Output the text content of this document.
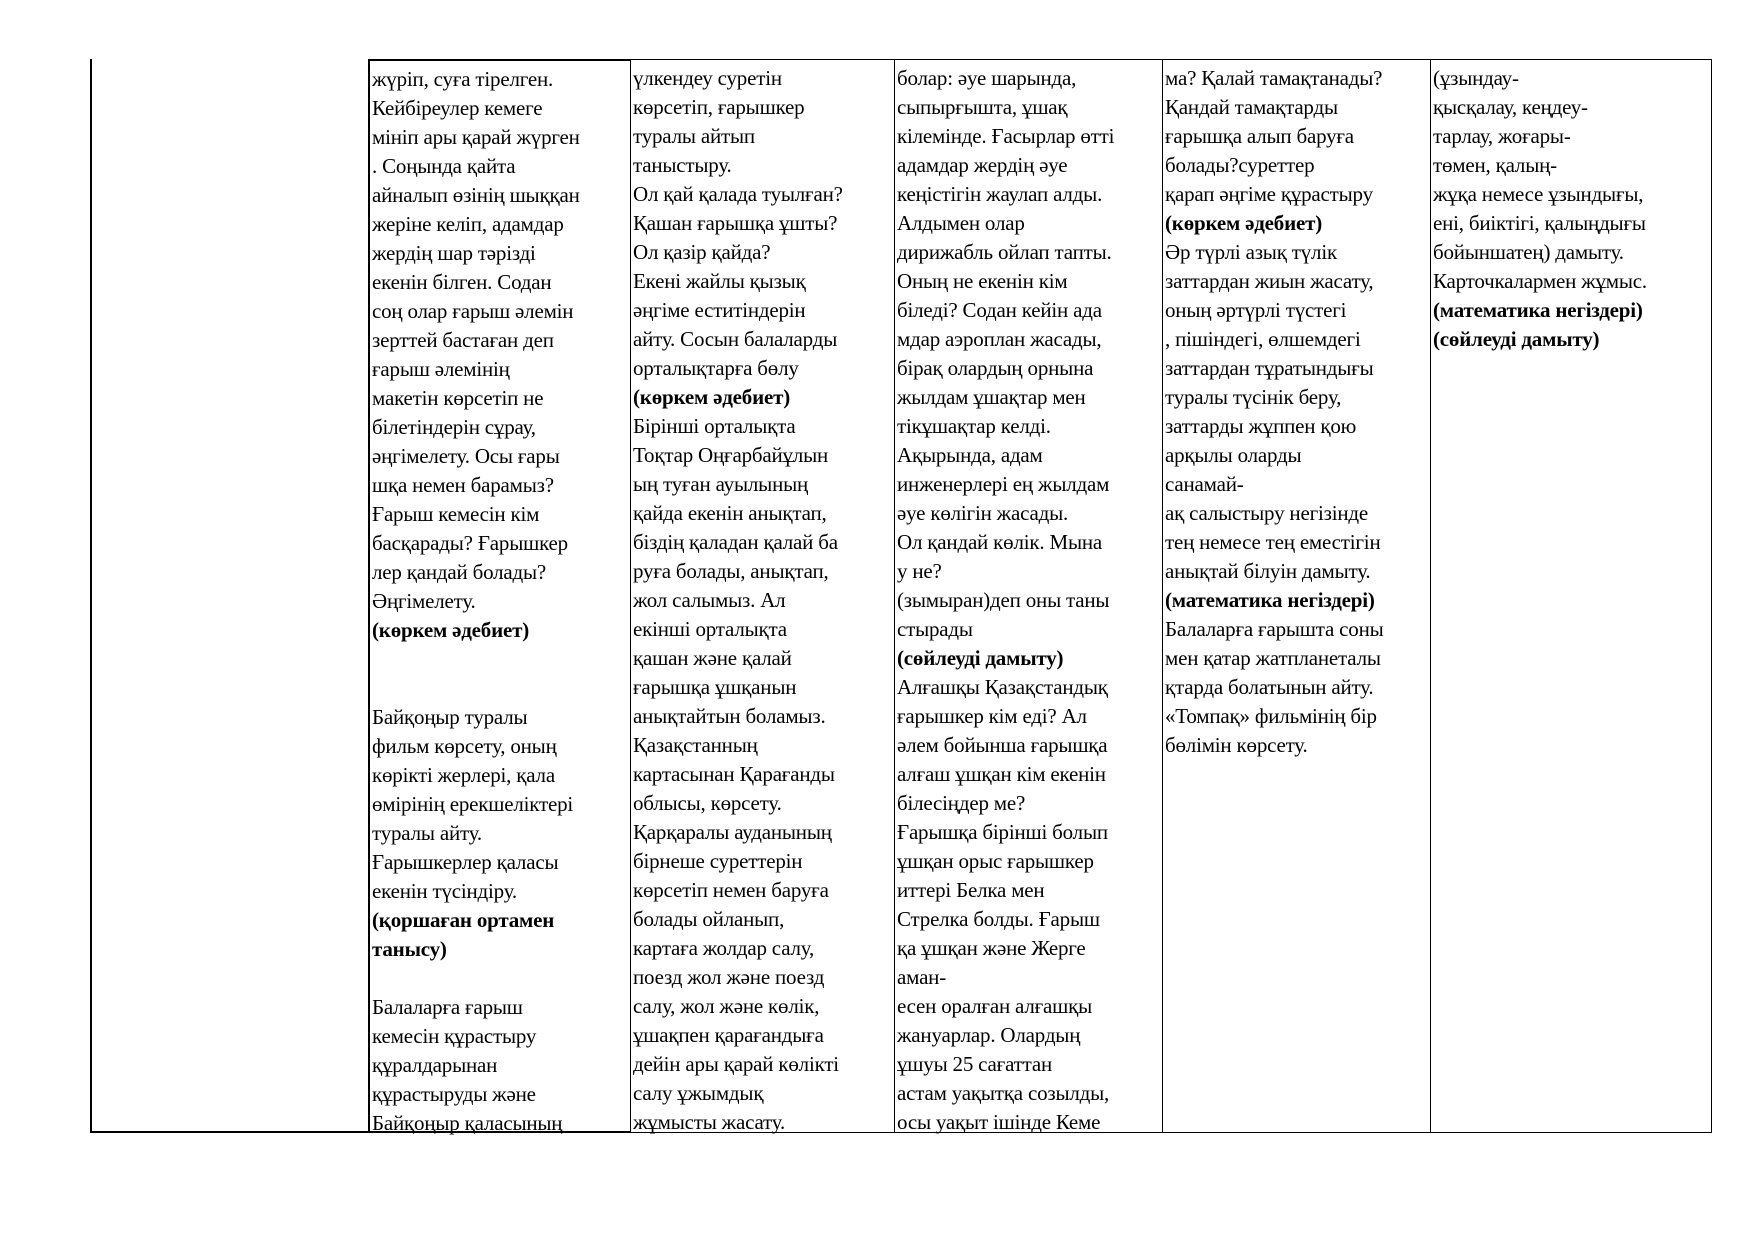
жүріп, суға тірелген.
Кейбіреулер кемеге
мініп ары қарай жүрген
. Соңында қайта
айналып өзінің шыққан
жеріне келіп, адамдар
жердің шар тәрізді
екенін білген. Содан
соң олар ғарыш әлемін
зерттей бастаған деп
ғарыш әлемінің
макетін көрсетіп не
білетіндерін сұрау,
әңгімелету. Осы ғары
шқа немен барамыз?
Ғарыш кемесін кім
басқарады? Ғарышкер
лер қандай болады?
Әңгімелету.
(көркем әдебиет)
Байқоңыр туралы
фильм көрсету, оның
көрікті жерлері, қала
өмірінің ерекшеліктері
туралы айту.
Ғарышкерлер қаласы
екенін түсіндіру.
(қоршаған ортамен
танысу)
Балаларға ғарыш
кемесін құрастыру
құралдарынан
құрастыруды және
Байқоңыр қаласының
үлкендеу суретін
көрсетіп, ғарышкер
туралы айтып
таныстыру.
Ол қай қалада туылған?
Қашан ғарышқа ұшты?
Ол қазір қайда?
Екені жайлы қызық
әңгіме еститіндерін
айту. Сосын балаларды
орталықтарға бөлу
(көркем әдебиет)
Бірінші орталықта
Тоқтар Оңғарбайұлын
ың туған ауылының
қайда екенін анықтап,
біздің қаладан қалай ба
руға болады, анықтап,
жол салымыз. Ал
екінші орталықта
қашан және қалай
ғарышқа ұшқанын
анықтайтын боламыз.
Қазақстанның
картасынан Қарағанды
облысы, көрсету.
Қарқаралы ауданының
бірнеше суреттерін
көрсетіп немен баруға
болады ойланып,
картаға жолдар салу,
поезд жол және поезд
салу, жол және көлік,
ұшақпен қарағандыға
дейін ары қарай көлікті
салу ұжымдық
жұмысты жасату.
болар: әуе шарында,
сыпырғышта, ұшақ
кілемінде. Ғасырлар өтті
адамдар жердің әуе
кеңістігін жаулап алды.
Алдымен олар
дирижабль ойлап тапты.
Оның не екенін кім
біледі? Содан кейін ада
мдар аэроплан жасады,
бірақ олардың орнына
жылдам ұшақтар мен
тікұшақтар келді.
Ақырында, адам
инженерлері ең жылдам
әуе көлігін жасады.
Ол қандай көлік. Мына
у не?
(зымыран)деп оны таны
стырады
(сөйлеуді дамыту)
Алғашқы Қазақстандық
ғарышкер кім еді? Ал
әлем бойынша ғарышқа
алғаш ұшқан кім екенін
білесіңдер ме?
Ғарышқа бірінші болып
ұшқан орыс ғарышкер
иттері Белка мен
Стрелка болды. Ғарыш
қа ұшқан және Жерге
аман-
есен оралған алғашқы
жануарлар. Олардың
ұшуы 25 сағаттан
астам уақытқа созылды,
осы уақыт ішінде Кеме
ма? Қалай тамақтанады?
Қандай тамақтарды
ғарышқа алып баруға
болады?суреттер
қарап әңгіме құрастыру
(көркем әдебиет)
Әр түрлі азық түлік
заттардан жиын жасату,
оның әртүрлі түстегі
, пішіндегі, өлшемдегі
заттардан тұратындығы
туралы түсінік беру,
заттарды жұппен қою
арқылы оларды
санамай-
ақ салыстыру негізінде
тең немесе тең еместігін
анықтай білуін дамыту.
(математика негіздері)
Балаларға ғарышта соны
мен қатар жатпланеталы
қтарда болатынын айту.
«Томпақ» фильмінің бір
бөлімін көрсету.
(ұзындау-
қысқалау, кеңдеу-
тарлау, жоғары-
төмен, қалың-
жұқа немесе ұзындығы,
ені, биіктігі, қалыңдығы
бойыншатең) дамыту.
Карточкалармен жұмыс.
(математика негіздері)
(сөйлеуді дамыту)
